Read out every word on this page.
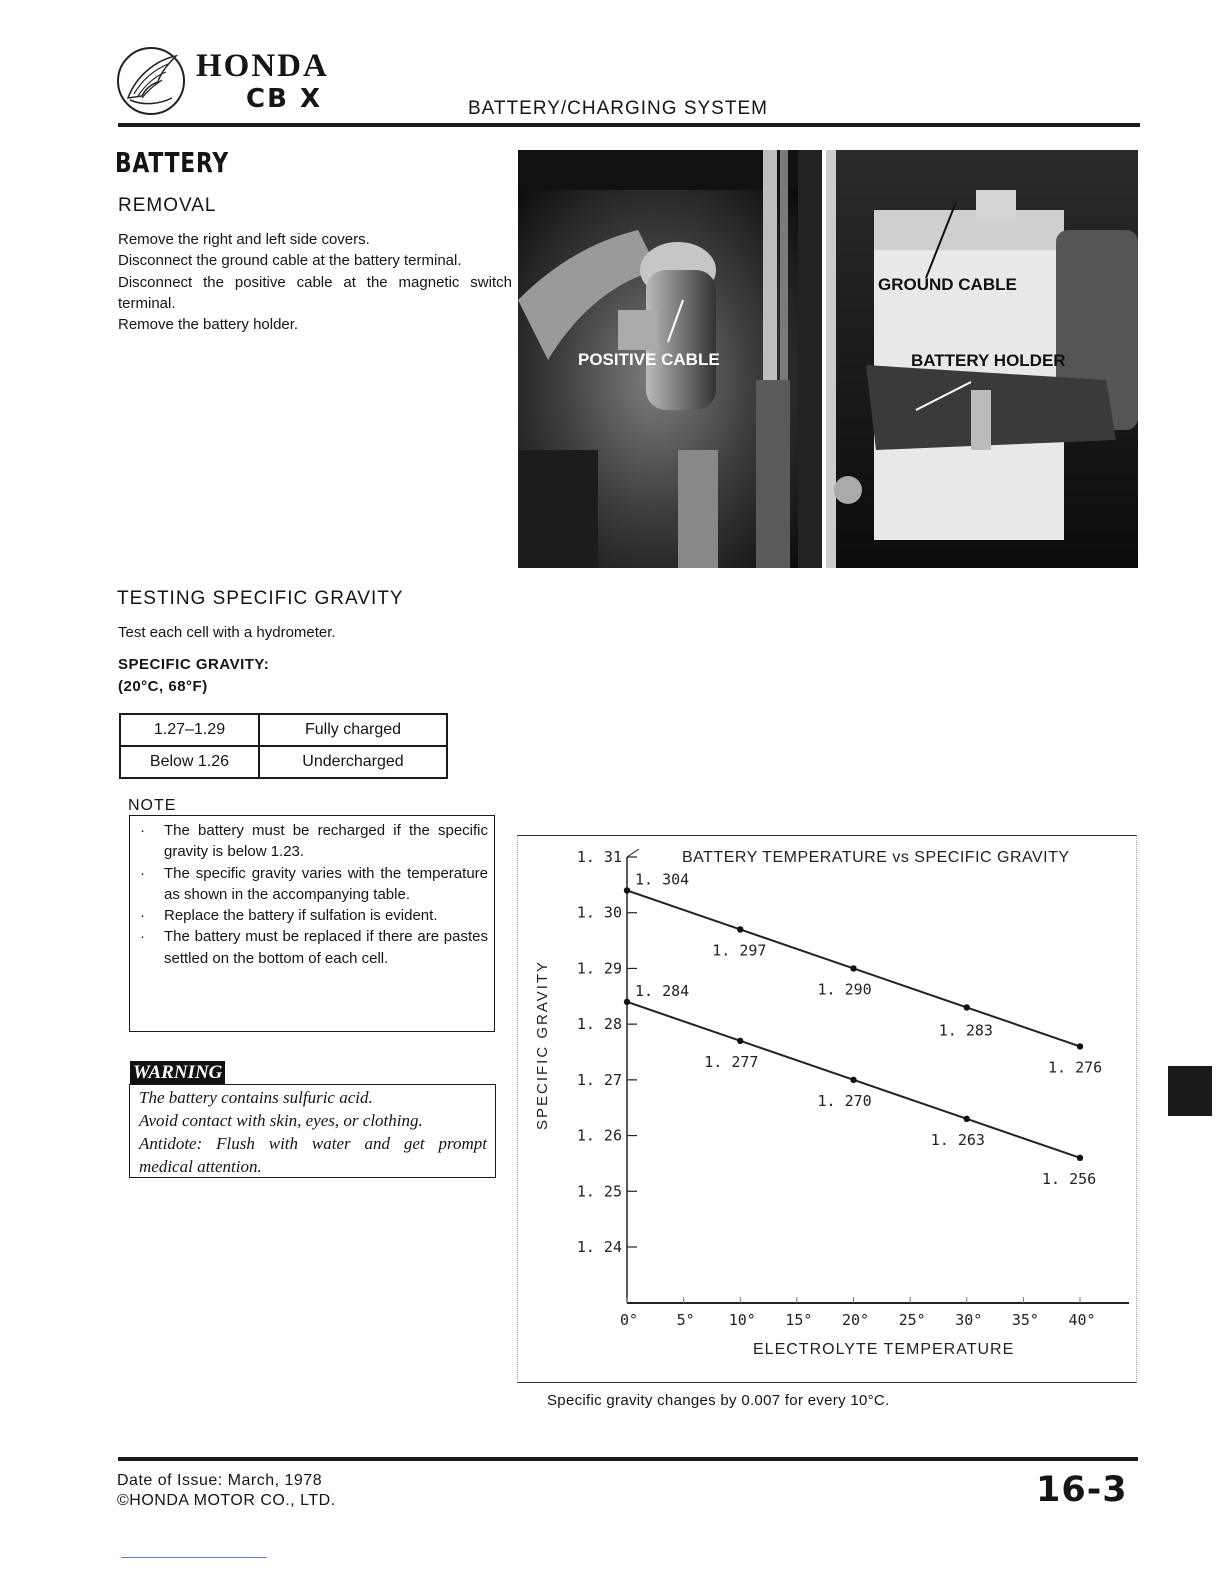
HONDA
CB X	BATTERY/CHARGING SYSTEM
BATTERY
REMOVAL
Remove the right and left side covers.
Disconnect the ground cable at the battery terminal.
Disconnect the positive cable at the magnetic switch terminal.
Remove the battery holder.
POSITIVE CABLE
GROUND CABLE
BATTERY HOLDER
TESTING SPECIFIC GRAVITY
Test each cell with a hydrometer.
SPECIFIC GRAVITY:
(20°C, 68°F)
1.27–1.29	Fully charged
Below 1.26	Undercharged
NOTE
· The battery must be recharged if the specific gravity is below 1.23.
· The specific gravity varies with the temperature as shown in the accompanying table.
· Replace the battery if sulfation is evident.
· The battery must be replaced if there are pastes settled on the bottom of each cell.
WARNING
The battery contains sulfuric acid.
Avoid contact with skin, eyes, or clothing.
Antidote: Flush with water and get prompt medical attention.
1. 31
1. 30
1. 29
1. 28
1. 27
1. 26
1. 25
1. 24
0°	5° 10° 15° 20° 25° 30° 35° 40°
BATTERY TEMPERATURE vs SPECIFIC GRAVITY
ELECTROLYTE TEMPERATURE
SPECIFIC GRAVITY
1. 304
1. 297
1. 290
1. 283
1. 276
1. 284
1. 277
1. 270
1. 263
1. 256
Specific gravity changes by 0.007 for every 10°C.
Date of Issue: March, 1978
©HONDA MOTOR CO., LTD.	16-3
